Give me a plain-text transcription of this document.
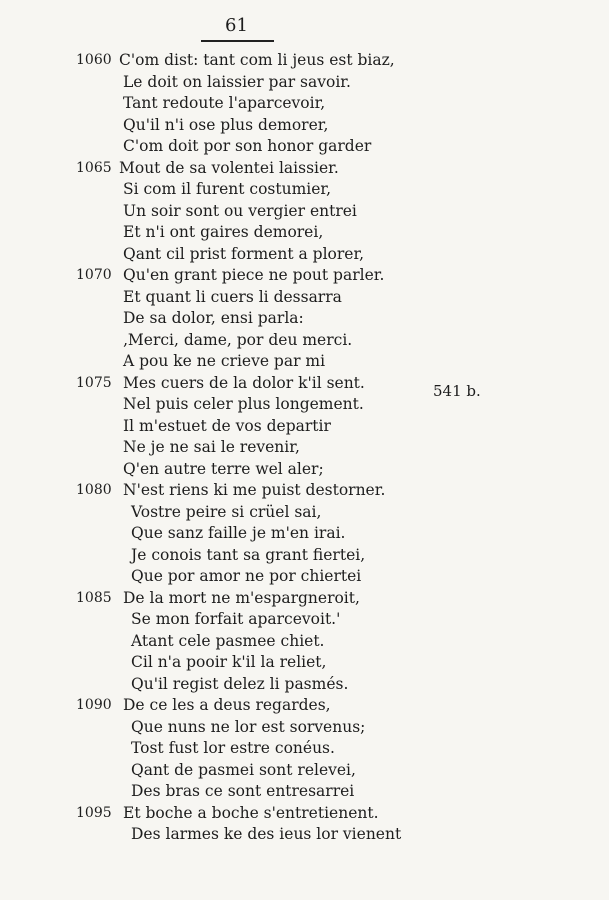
61
1060 C'om dist: tant com li jeus est biaz,
Le doit on laissier par savoir.
Tant redoute l'aparcevoir,
Qu'il n'i ose plus demorer,
C'om doit por son honor garder
1065 Mout de sa volentei laissier.
Si com il furent costumier,
Un soir sont ou vergier entrei
Et n'i ont gaires demorei,
Qant cil prist forment a plorer,
1070 Qu'en grant piece ne pout parler.
Et quant li cuers li dessarra
De sa dolor, ensi parla:
‚Merci, dame, por deu merci.
A pou ke ne crieve par mi
1075 Mes cuers de la dolor k'il sent.
Nel puis celer plus longement.
Il m'estuet de vos departir
Ne je ne sai le revenir,
Q'en autre terre wel aler;
1080 N'est riens ki me puist destorner.
Vostre peire si crüel sai,
Que sanz faille je m'en irai.
Je conois tant sa grant fiertei,
Que por amor ne por chiertei
1085 De la mort ne m'espargneroit,
Se mon forfait aparcevoit.'
Atant cele pasmee chiet.
Cil n'a pooir k'il la reliet,
Qu'il regist delez li pasmés.
1090 De ce les a deus regardes,
Que nuns ne lor est sorvenus;
Tost fust lor estre conéus.
Qant de pasmei sont relevei,
Des bras ce sont entresarrei
1095 Et boche a boche s'entretienent.
Des larmes ke des ieus lor vienent
541 b.
